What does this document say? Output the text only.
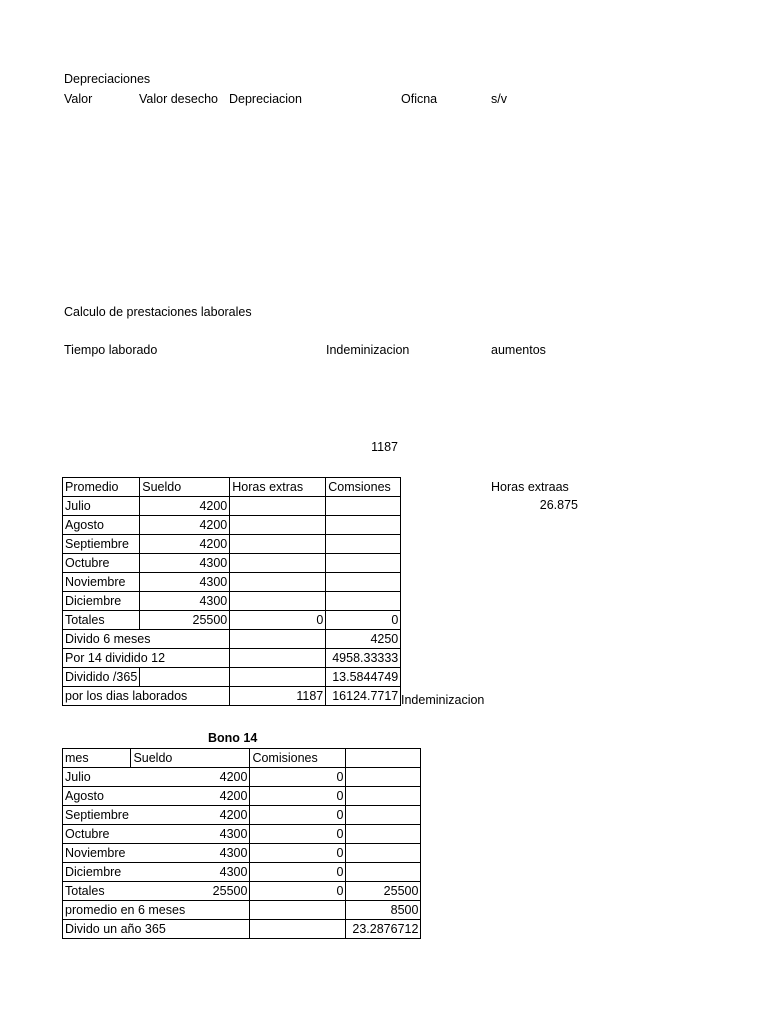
Depreciaciones
Valor	Valor desecho Depreciacion	Oficna	s/v
Calculo de prestaciones laborales
Tiempo laborado	Indeminizacion	aumentos
1187
Horas extraas
26.875
Promedio	Sueldo	Horas extras	Comsiones
Julio	4200		
Agosto	4200		
Septiembre	4200		
Octubre	4300		
Noviembre	4300		
Diciembre	4300		
Totales	25500	0	0
Divido 6 meses			4250
Por 14 dividido 12			4958.33333
Dividido /365			13.5844749
por los dias laborados		1187	16124.7717 Indeminizacion
Bono 14
mes	Sueldo	Comisiones	
Julio	4200	0	
Agosto	4200	0	
Septiembre	4200	0	
Octubre	4300	0	
Noviembre	4300	0	
Diciembre	4300	0	
Totales	25500	0	25500
promedio en 6 meses			8500
Divido un año 365			23.2876712
